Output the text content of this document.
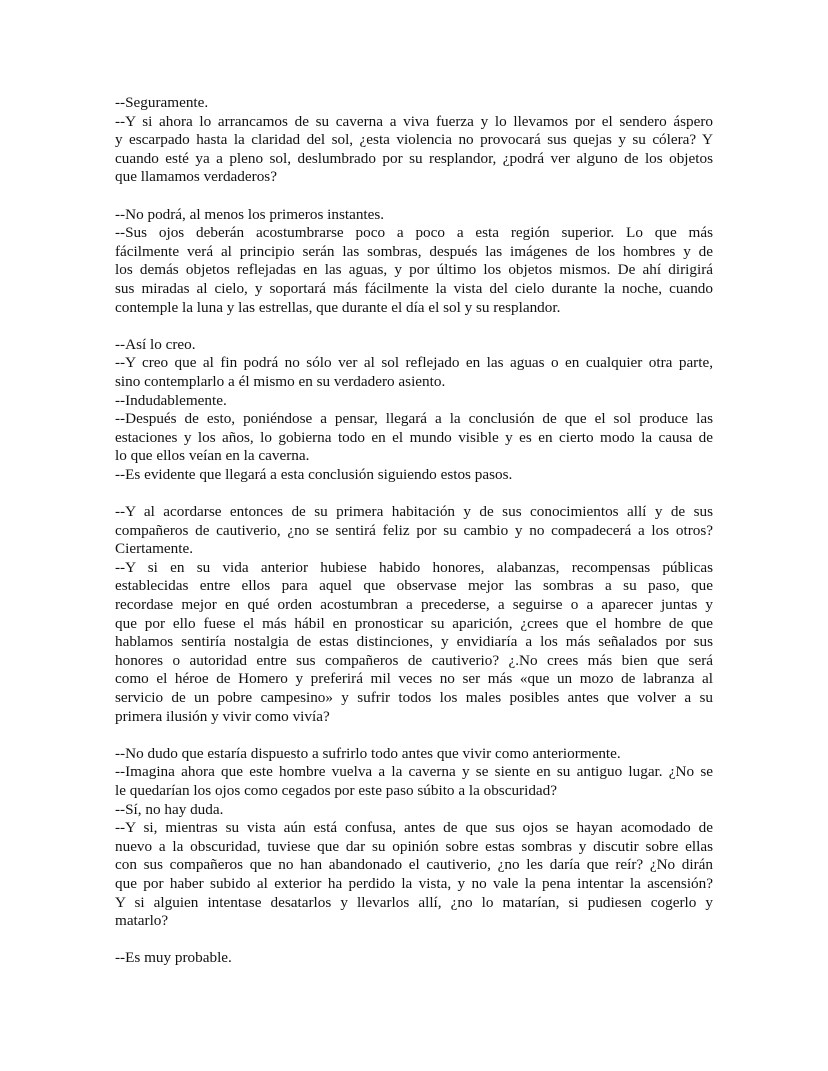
--Seguramente.
--Y si ahora lo arrancamos de su caverna a viva fuerza y lo llevamos por el sendero áspero
y escarpado hasta la claridad del sol, ¿esta violencia no provocará sus quejas y su cólera? Y
cuando esté ya a pleno sol, deslumbrado por su resplandor, ¿podrá ver alguno de los objetos
que llamamos verdaderos?
--No podrá, al menos los primeros instantes.
--Sus ojos deberán acostumbrarse poco a poco a esta región superior. Lo que más
fácilmente verá al principio serán las sombras, después las imágenes de los hombres y de
los demás objetos reflejadas en las aguas, y por último los objetos mismos. De ahí dirigirá
sus miradas al cielo, y soportará más fácilmente la vista del cielo durante la noche, cuando
contemple la luna y las estrellas, que durante el día el sol y su resplandor.
--Así lo creo.
--Y creo que al fin podrá no sólo ver al sol reflejado en las aguas o en cualquier otra parte,
sino contemplarlo a él mismo en su verdadero asiento.
--Indudablemente.
--Después de esto, poniéndose a pensar, llegará a la conclusión de que el sol produce las
estaciones y los años, lo gobierna todo en el mundo visible y es en cierto modo la causa de
lo que ellos veían en la caverna.
--Es evidente que llegará a esta conclusión siguiendo estos pasos.
--Y al acordarse entonces de su primera habitación y de sus conocimientos allí y de sus
compañeros de cautiverio, ¿no se sentirá feliz por su cambio y no compadecerá a los otros?
Ciertamente.
--Y si en su vida anterior hubiese habido honores, alabanzas, recompensas públicas
establecidas entre ellos para aquel que observase mejor las sombras a su paso, que
recordase mejor en qué orden acostumbran a precederse, a seguirse o a aparecer juntas y
que por ello fuese el más hábil en pronosticar su aparición, ¿crees que el hombre de que
hablamos sentiría nostalgia de estas distinciones, y envidiaría a los más señalados por sus
honores o autoridad entre sus compañeros de cautiverio? ¿.No crees más bien que será
como el héroe de Homero y preferirá mil veces no ser más «que un mozo de labranza al
servicio de un pobre campesino» y sufrir todos los males posibles antes que volver a su
primera ilusión y vivir como vivía?
--No dudo que estaría dispuesto a sufrirlo todo antes que vivir como anteriormente.
--Imagina ahora que este hombre vuelva a la caverna y se siente en su antiguo lugar. ¿No se
le quedarían los ojos como cegados por este paso súbito a la obscuridad?
--Sí, no hay duda.
--Y si, mientras su vista aún está confusa, antes de que sus ojos se hayan acomodado de
nuevo a la obscuridad, tuviese que dar su opinión sobre estas sombras y discutir sobre ellas
con sus compañeros que no han abandonado el cautiverio, ¿no les daría que reír? ¿No dirán
que por haber subido al exterior ha perdido la vista, y no vale la pena intentar la ascensión?
Y si alguien intentase desatarlos y llevarlos allí, ¿no lo matarían, si pudiesen cogerlo y
matarlo?
--Es muy probable.
